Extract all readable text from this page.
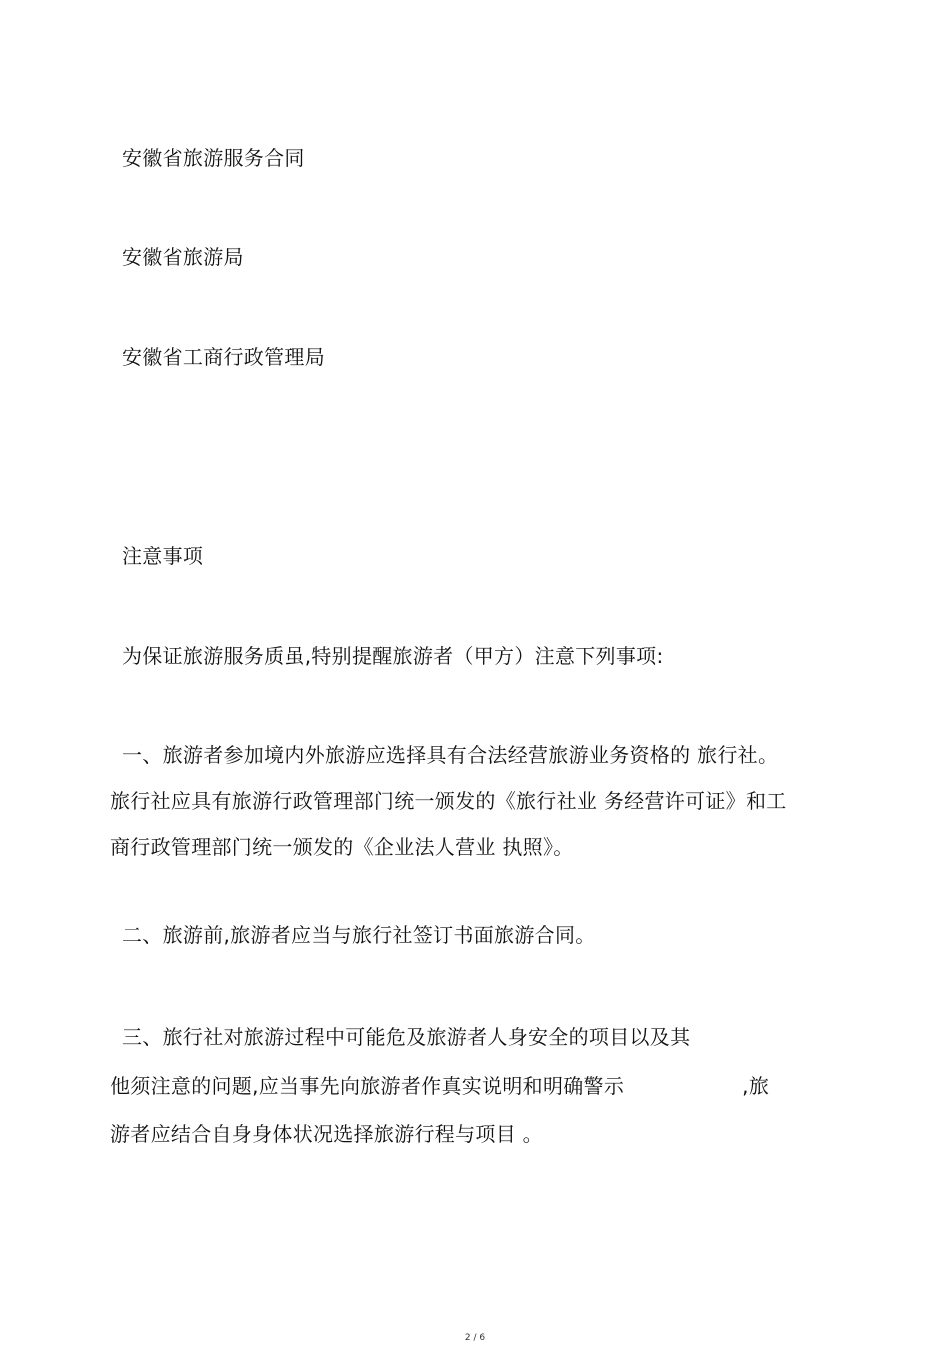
安徽省旅游服务合同
安徽省旅游局
安徽省工商行政管理局
注意事项
为保证旅游服务质虽,特别提醒旅游者（甲方）注意下列事项:
一、旅游者参加境内外旅游应选择具有合法经营旅游业务资格的 旅行社。
旅行社应具有旅游行政管理部门统一颁发的《旅行社业 务经营许可证》和工
商行政管理部门统一颁发的《企业法人营业 执照》。
二、旅游前,旅游者应当与旅行社签订书面旅游合同。
三、旅行社对旅游过程中可能危及旅游者人身安全的项目以及其
他须注意的问题,应当事先向旅游者作真实说明和明确警示	,旅
游者应结合自身身体状况选择旅游行程与项目 。
2 / 6
